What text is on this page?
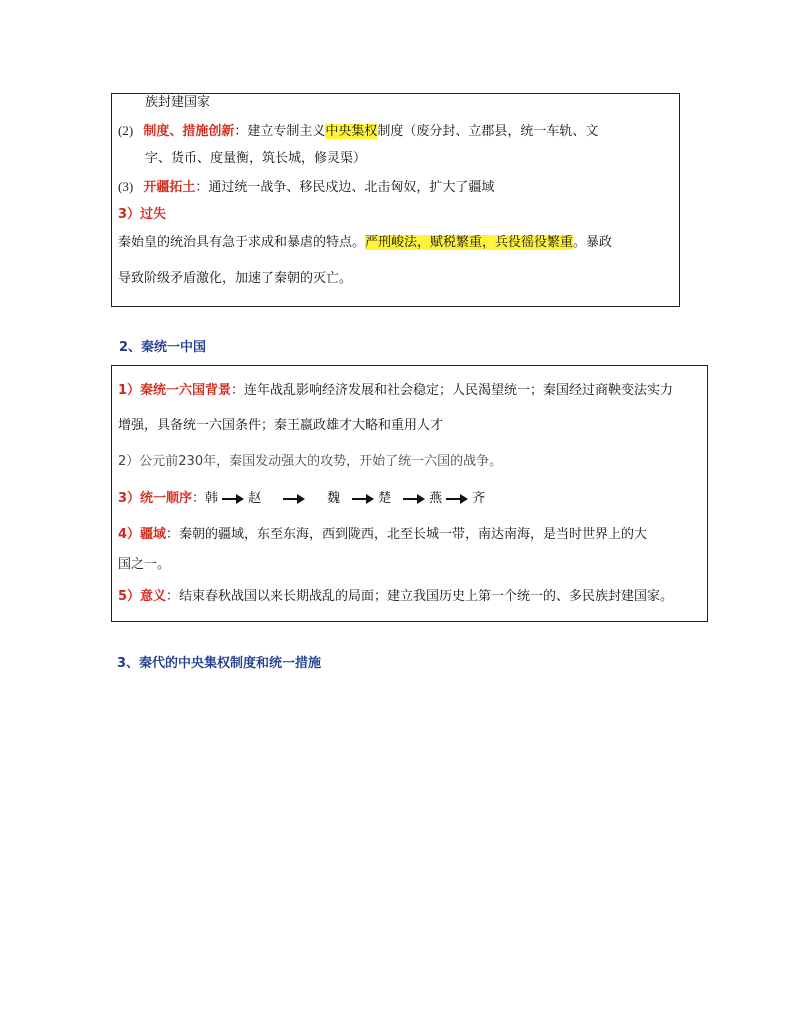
族封建国家
(2) 制度、措施创新：建立专制主义中央集权制度（废分封、立郡县，统一车轨、文
字、货币、度量衡，筑长城，修灵渠）
(3) 开疆拓土：通过统一战争、移民戍边、北击匈奴，扩大了疆域
3）过失
秦始皇的统治具有急于求成和暴虐的特点。严刑峻法，赋税繁重，兵役徭役繁重。暴政
导致阶级矛盾激化，加速了秦朝的灭亡。
2、秦统一中国
1）秦统一六国背景：连年战乱影响经济发展和社会稳定；人民渴望统一；秦国经过商鞅变法实力
增强，具备统一六国条件；秦王嬴政雄才大略和重用人才
2）公元前230年，秦国发动强大的攻势，开始了统一六国的战争。
3）统一顺序：韩 赵	魏	楚	燕 齐
4）疆域：秦朝的疆域，东至东海，西到陇西，北至长城一带，南达南海，是当时世界上的大
国之一。
5）意义：结束春秋战国以来长期战乱的局面；建立我国历史上第一个统一的、多民族封建国家。
3、秦代的中央集权制度和统一措施
